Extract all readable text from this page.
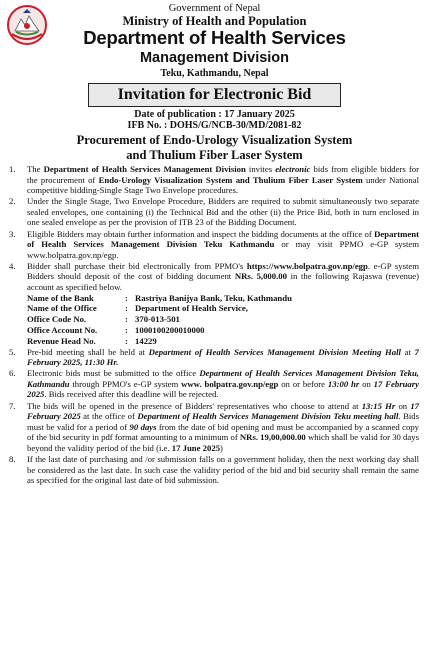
Government of Nepal
Ministry of Health and Population
Department of Health Services
Management Division
Teku, Kathmandu, Nepal
Invitation for Electronic Bid
Date of publication : 17 January 2025
IFB No. : DOHS/G/NCB-30/MD/2081-82
Procurement of Endo-Urology Visualization System
and Thulium Fiber Laser System

1. The Department of Health Services Management Division invites electronic bids from eligible bidders for the procurement of Endo-Urology Visualization System and Thulium Fiber Laser System under National competitive bidding-Single Stage Two Envelope procedures.

2. Under the Single Stage, Two Envelope Procedure, Bidders are required to submit simultaneously two separate sealed envelopes, one containing (i) the Technical Bid and the other (ii) the Price Bid, both in turn enclosed in one sealed envelope as per the provision of ITB 23 of the Bidding Document.

3. Eligible Bidders may obtain further information and inspect the bidding documents at the office of Department of Health Services Management Division Teku Kathmandu or may visit PPMO e-GP system www.bolpatra.gov.np/egp.

4. Bidder shall purchase their bid electronically from PPMO's https://www.bolpatra.gov.np/egp. e-GP system Bidders should deposit of the cost of bidding document NRs. 5,000.00 in the following Rajaswa (revenue) account as specified below.

Name of the Bank	: Rastriya Banijya Bank, Teku, Kathmandu
Name of the Office	: Department of Health Service,
Office Code No.	: 370-013-501
Office Account No.	: 1000100200010000
Revenue Head No.	: 14229

5. Pre-bid meeting shall be held at Department of Health Services Management Division Meeting Hall at 7 February 2025, 11:30 Hr.

6. Electronic bids must be submitted to the office Department of Health Services Management Division Teku, Kathmandu through PPMO's e-GP system www. bolpatra.gov.np/egp on or before 13:00 hr on 17 February 2025. Bids received after this deadline will be rejected.

7. The bids will be opened in the presence of Bidders' representatives who choose to attend at 13:15 Hr on 17 February 2025 at the office of Department of Health Services Management Division Teku meeting hall. Bids must be valid for a period of 90 days from the date of bid opening and must be accompanied by a scanned copy of the bid security in pdf format amounting to a minimum of NRs. 19,00,000.00 which shall be valid for 30 days beyond the validity period of the bid (i.e. 17 June 2025)

8. If the last date of purchasing and /or submission falls on a government holiday, then the next working day shall be considered as the last date. In such case the validity period of the bid and bid security shall remain the same as specified for the original last date of bid submission.
